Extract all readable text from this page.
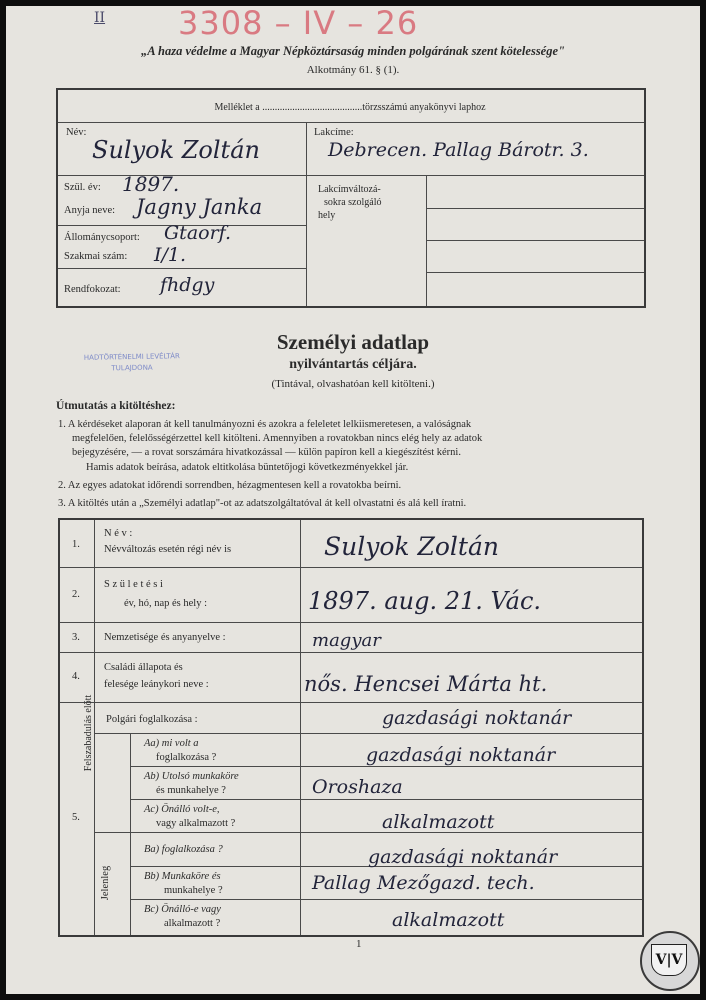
II 3308 – IV – 26
„A haza védelme a Magyar Népköztársaság minden polgárának szent kötelessége"
Alkotmány 61. § (1).
Melléklet a ........................................törzsszámú anyakönyvi laphoz
Név:
Sulyok Zoltán
Lakcíme:
Debrecen. Pallag Bárotr. 3.
Szül. év: 1897.
Anyja neve: Jagny Janka
Állománycsoport: Gtaorf.
Szakmai szám: I/1.
Rendfokozat: fhdgy
Lakcímváltozá-
sokra szolgáló
hely
HADTÖRTÉNELMI LEVÉLTÁR
TULAJDONA
Személyi adatlap
nyilvántartás céljára.
(Tintával, olvashatóan kell kitölteni.)
Útmutatás a kitöltéshez:
1. A kérdéseket alaporan át kell tanulmányozni és azokra a feleletet lelkiismeretesen, a valóságnak
megfelelően, felelősségérzettel kell kitölteni. Amennyiben a rovatokban nincs elég hely az adatok
bejegyzésére, — a rovat sorszámára hivatkozással — külön papíron kell a kiegészítést kérni.
Hamis adatok beírása, adatok eltitkolása büntetőjogi következményekkel jár.
2. Az egyes adatokat időrendi sorrendben, hézagmentesen kell a rovatokba beírni.
3. A kitöltés után a „Személyi adatlap"-ot az adatszolgáltatóval át kell olvastatni és alá kell íratni.
1.
N é v :
Névváltozás esetén régi név is	Sulyok Zoltán
2.
S z ü l e t é s i
év, hó, nap és hely :	1897. aug. 21. Vác.
3. Nemzetisége és anyanyelve :	magyar
4.
Családi állapota és
felesége leánykori neve :	nős. Hencsei Márta ht.
5.
Polgári foglalkozása :	gazdasági noktanár
Felszabadulás előtt
Jelenleg
Aa) mi volt a
foglalkozása ?	gazdasági noktanár
Ab) Utolsó munkaköre
és munkahelye ?	Oroshaza
Ac) Önálló volt-e,
vagy alkalmazott ?	alkalmazott
Ba) foglalkozása ?	gazdasági noktanár
Bb) Munkaköre és
munkahelye ?	Pallag Mezőgazd. tech.
Bc) Önálló-e vagy
alkalmazott ?	alkalmazott
1
V|V
